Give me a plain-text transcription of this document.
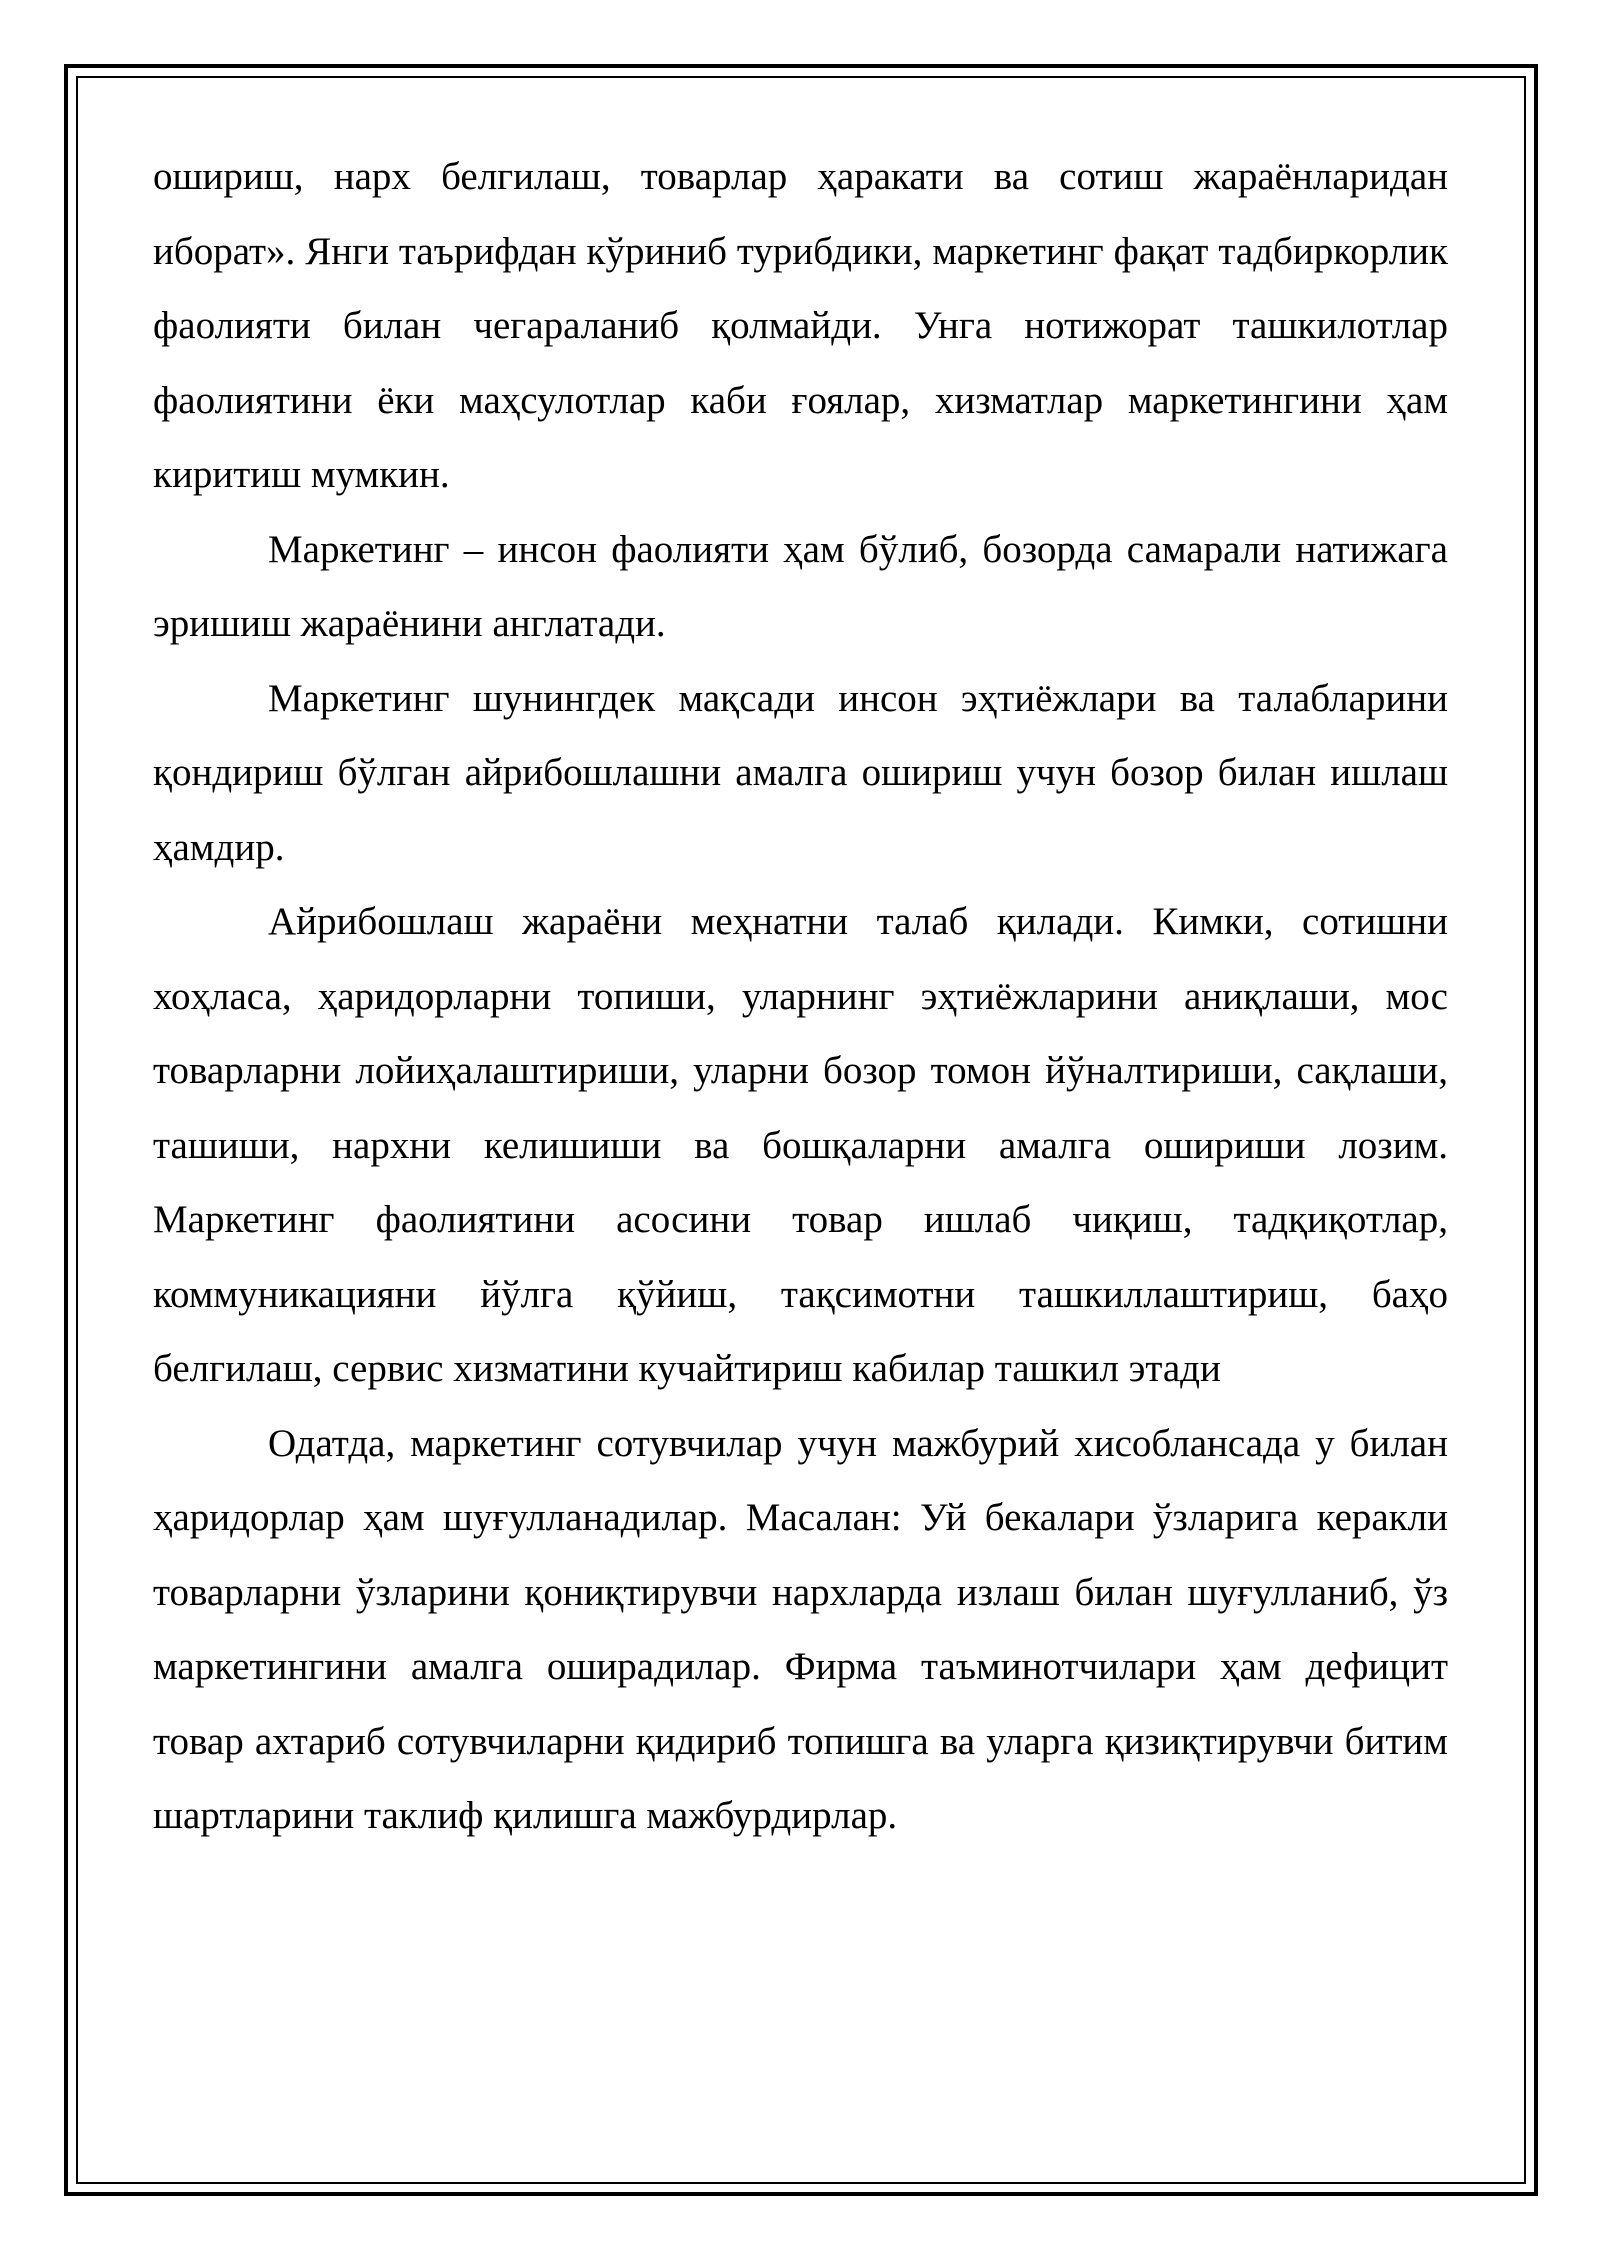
ошириш, нарх белгилаш, товарлар ҳаракати ва сотиш жараёнларидан иборат». Янги таърифдан кўриниб турибдики, маркетинг фақат тадбиркорлик фаолияти билан чегараланиб қолмайди. Унга нотижорат ташкилотлар фаолиятини ёки маҳсулотлар каби ғоялар, хизматлар маркетингини ҳам киритиш мумкин.

Маркетинг – инсон фаолияти ҳам бўлиб, бозорда самарали натижага эришиш жараёнини англатади.

Маркетинг шунингдек мақсади инсон эҳтиёжлари ва талабларини қондириш бўлган айрибошлашни амалга ошириш учун бозор билан ишлаш ҳамдир.

Айрибошлаш жараёни меҳнатни талаб қилади. Кимки, сотишни хоҳласа, ҳаридорларни топиши, уларнинг эҳтиёжларини аниқлаши, мос товарларни лойиҳалаштириши, уларни бозор томон йўналтириши, сақлаши, ташиши, нархни келишиши ва бошқаларни амалга ошириши лозим. Маркетинг фаолиятини асосини товар ишлаб чиқиш, тадқиқотлар, коммуникацияни йўлга қўйиш, тақсимотни ташкиллаштириш, баҳо белгилаш, сервис хизматини кучайтириш кабилар ташкил этади

Одатда, маркетинг сотувчилар учун мажбурий хисоблансада у билан ҳаридорлар ҳам шуғулланадилар. Масалан: Уй бекалари ўзларига керакли товарларни ўзларини қониқтирувчи нархларда излаш билан шуғулланиб, ўз маркетингини амалга оширадилар. Фирма таъминотчилари ҳам дефицит товар ахтариб сотувчиларни қидириб топишга ва уларга қизиқтирувчи битим шартларини таклиф қилишга мажбурдирлар.
